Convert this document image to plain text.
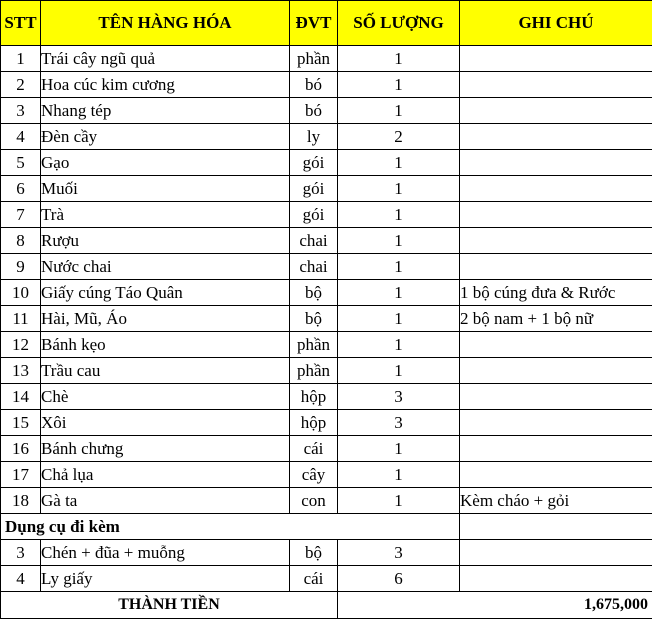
STT	TÊN HÀNG HÓA	ĐVT	SỐ LƯỢNG	GHI CHÚ
1	Trái cây ngũ quả	phần	1	
2	Hoa cúc kim cương	bó	1	
3	Nhang tép	bó	1	
4	Đèn cầy	ly	2	
5	Gạo	gói	1	
6	Muối	gói	1	
7	Trà	gói	1	
8	Rượu	chai	1	
9	Nước chai	chai	1	
10	Giấy cúng Táo Quân	bộ	1	1 bộ cúng đưa & Rước
11	Hài, Mũ, Áo	bộ	1	2 bộ nam + 1 bộ nữ
12	Bánh kẹo	phần	1	
13	Trầu cau	phần	1	
14	Chè	hộp	3	
15	Xôi	hộp	3	
16	Bánh chưng	cái	1	
17	Chả lụa	cây	1	
18	Gà ta	con	1	Kèm cháo + gỏi
Dụng cụ đi kèm				
3	Chén + đũa + muỗng	bộ	3	
4	Ly giấy	cái	6	
THÀNH TIỀN			1,675,000	
